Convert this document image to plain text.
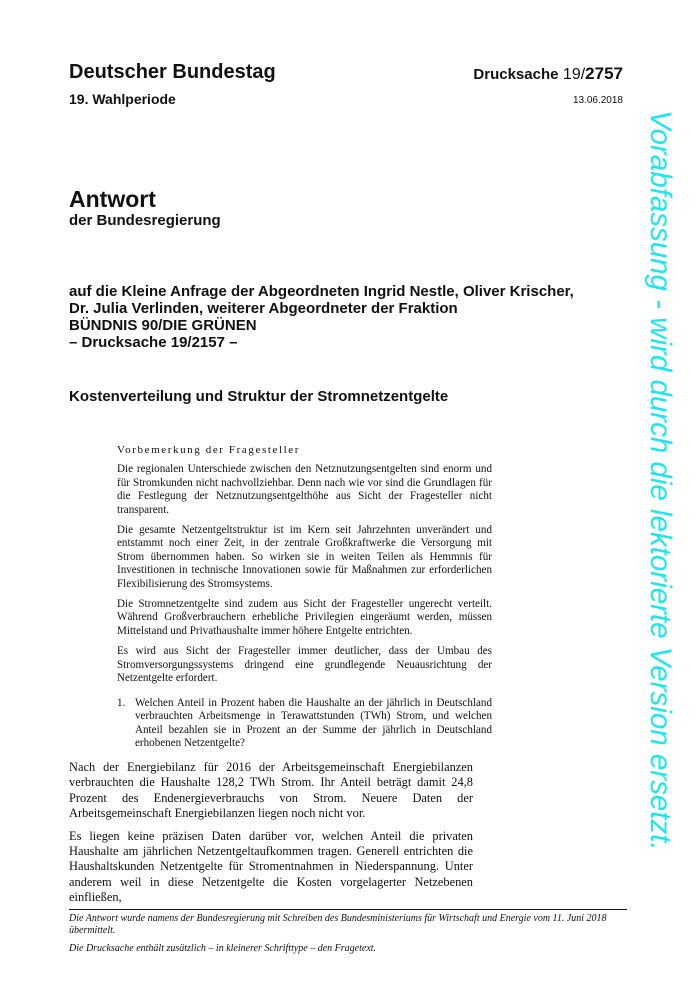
Deutscher Bundestag
19. Wahlperiode
Drucksache 19/2757
13.06.2018
Antwort
der Bundesregierung
auf die Kleine Anfrage der Abgeordneten Ingrid Nestle, Oliver Krischer,
Dr. Julia Verlinden, weiterer Abgeordneter der Fraktion
BÜNDNIS 90/DIE GRÜNEN
– Drucksache 19/2157 –
Kostenverteilung und Struktur der Stromnetzentgelte
Vorbemerkung der Fragesteller

Die regionalen Unterschiede zwischen den Netznutzungsentgelten sind enorm und für Stromkunden nicht nachvollziehbar. Denn nach wie vor sind die Grundlagen für die Festlegung der Netznutzungsentgelthöhe aus Sicht der Fragesteller nicht transparent.

Die gesamte Netzentgeltstruktur ist im Kern seit Jahrzehnten unverändert und entstammt noch einer Zeit, in der zentrale Großkraftwerke die Versorgung mit Strom übernommen haben. So wirken sie in weiten Teilen als Hemmnis für Investitionen in technische Innovationen sowie für Maßnahmen zur erforderlichen Flexibilisierung des Stromsystems.

Die Stromnetzentgelte sind zudem aus Sicht der Fragesteller ungerecht verteilt. Während Großverbrauchern erhebliche Privilegien eingeräumt werden, müssen Mittelstand und Privathaushalte immer höhere Entgelte entrichten.

Es wird aus Sicht der Fragesteller immer deutlicher, dass der Umbau des Stromversorgungssystems dringend eine grundlegende Neuausrichtung der Netzentgelte erfordert.

1. Welchen Anteil in Prozent haben die Haushalte an der jährlich in Deutschland verbrauchten Arbeitsmenge in Terawattstunden (TWh) Strom, und welchen Anteil bezahlen sie in Prozent an der Summe der jährlich in Deutschland erhobenen Netzentgelte?

Nach der Energiebilanz für 2016 der Arbeitsgemeinschaft Energiebilanzen verbrauchten die Haushalte 128,2 TWh Strom. Ihr Anteil beträgt damit 24,8 Prozent des Endenergieverbrauchs von Strom. Neuere Daten der Arbeitsgemeinschaft Energiebilanzen liegen noch nicht vor.

Es liegen keine präzisen Daten darüber vor, welchen Anteil die privaten Haushalte am jährlichen Netzentgeltaufkommen tragen. Generell entrichten die Haushaltskunden Netzentgelte für Stromentnahmen in Niederspannung. Unter anderem weil in diese Netzentgelte die Kosten vorgelagerter Netzebenen einfließen,

Die Antwort wurde namens der Bundesregierung mit Schreiben des Bundesministeriums für Wirtschaft und Energie vom 11. Juni 2018 übermittelt.

Die Drucksache enthält zusätzlich – in kleinerer Schrifttype – den Fragetext.

Vorabfassung - wird durch die lektorierte Version ersetzt.
